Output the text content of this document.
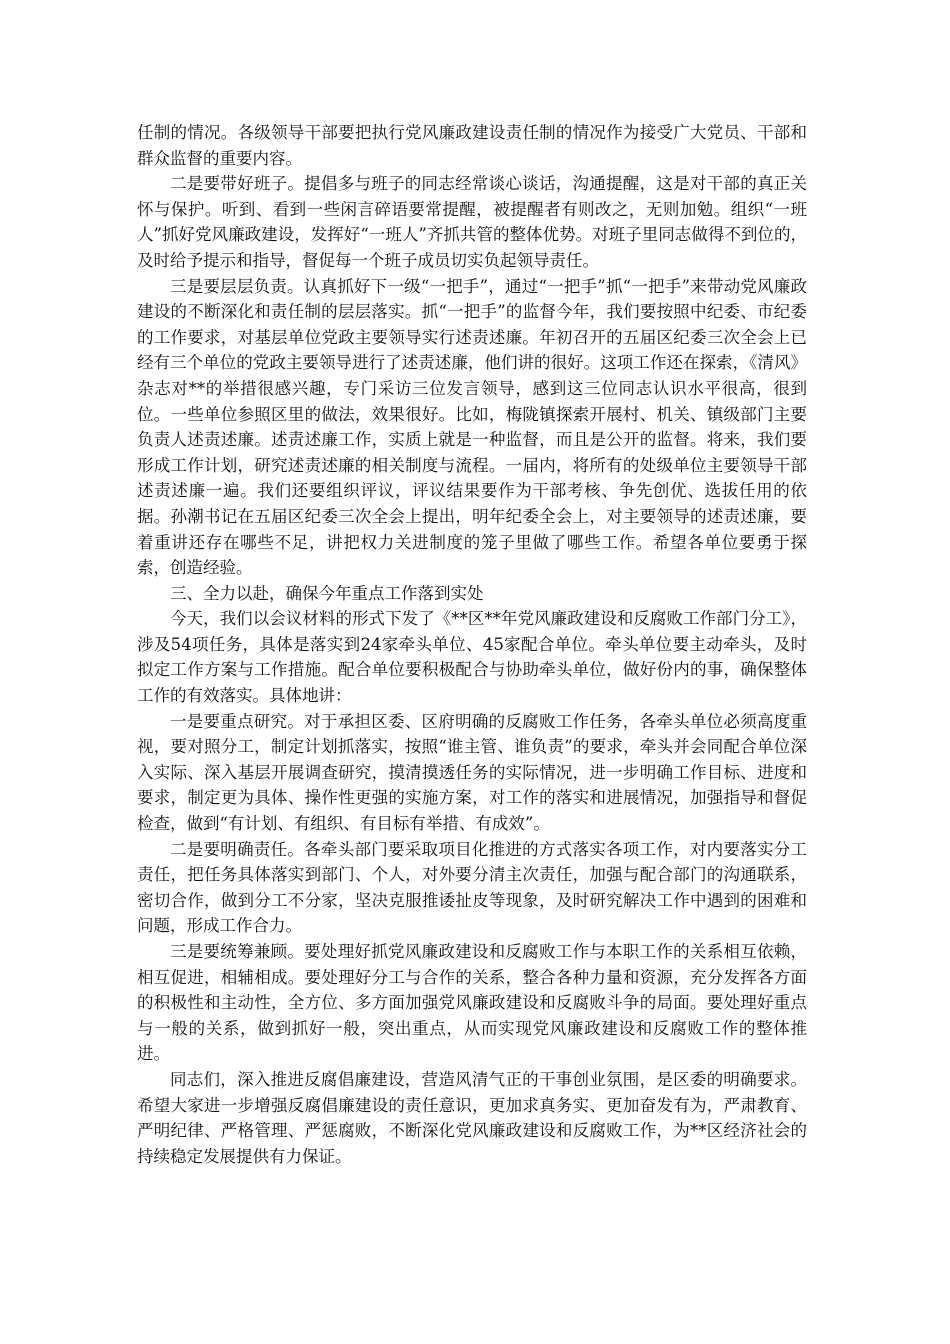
任制的情况。各级领导干部要把执行党风廉政建设责任制的情况作为接受广大党员、干部和群众监督的重要内容。

二是要带好班子。提倡多与班子的同志经常谈心谈话，沟通提醒，这是对干部的真正关怀与保护。听到、看到一些闲言碎语要常提醒，被提醒者有则改之，无则加勉。组织“一班人”抓好党风廉政建设，发挥好“一班人”齐抓共管的整体优势。对班子里同志做得不到位的，及时给予提示和指导，督促每一个班子成员切实负起领导责任。

三是要层层负责。认真抓好下一级“一把手”，通过“一把手”抓“一把手”来带动党风廉政建设的不断深化和责任制的层层落实。抓“一把手”的监督今年，我们要按照中纪委、市纪委的工作要求，对基层单位党政主要领导实行述责述廉。年初召开的五届区纪委三次全会上已经有三个单位的党政主要领导进行了述责述廉，他们讲的很好。这项工作还在探索，《清风》杂志对**的举措很感兴趣，专门采访三位发言领导，感到这三位同志认识水平很高，很到位。一些单位参照区里的做法，效果很好。比如，梅陇镇探索开展村、机关、镇级部门主要负责人述责述廉。述责述廉工作，实质上就是一种监督，而且是公开的监督。将来，我们要形成工作计划，研究述责述廉的相关制度与流程。一届内，将所有的处级单位主要领导干部述责述廉一遍。我们还要组织评议，评议结果要作为干部考核、争先创优、选拔任用的依据。孙潮书记在五届区纪委三次全会上提出，明年纪委全会上，对主要领导的述责述廉，要着重讲还存在哪些不足，讲把权力关进制度的笼子里做了哪些工作。希望各单位要勇于探索，创造经验。

三、全力以赴，确保今年重点工作落到实处

今天，我们以会议材料的形式下发了《**区**年党风廉政建设和反腐败工作部门分工》，涉及54项任务，具体是落实到24家牵头单位、45家配合单位。牵头单位要主动牵头，及时拟定工作方案与工作措施。配合单位要积极配合与协助牵头单位，做好份内的事，确保整体工作的有效落实。具体地讲：

一是要重点研究。对于承担区委、区府明确的反腐败工作任务，各牵头单位必须高度重视，要对照分工，制定计划抓落实，按照“谁主管、谁负责”的要求，牵头并会同配合单位深入实际、深入基层开展调查研究，摸清摸透任务的实际情况，进一步明确工作目标、进度和要求，制定更为具体、操作性更强的实施方案，对工作的落实和进展情况，加强指导和督促检查，做到“有计划、有组织、有目标有举措、有成效”。

二是要明确责任。各牵头部门要采取项目化推进的方式落实各项工作，对内要落实分工责任，把任务具体落实到部门、个人，对外要分清主次责任，加强与配合部门的沟通联系，密切合作，做到分工不分家，坚决克服推诿扯皮等现象，及时研究解决工作中遇到的困难和问题，形成工作合力。

三是要统筹兼顾。要处理好抓党风廉政建设和反腐败工作与本职工作的关系相互依赖，相互促进，相辅相成。要处理好分工与合作的关系，整合各种力量和资源，充分发挥各方面的积极性和主动性，全方位、多方面加强党风廉政建设和反腐败斗争的局面。要处理好重点与一般的关系，做到抓好一般，突出重点，从而实现党风廉政建设和反腐败工作的整体推进。

同志们，深入推进反腐倡廉建设，营造风清气正的干事创业氛围，是区委的明确要求。希望大家进一步增强反腐倡廉建设的责任意识，更加求真务实、更加奋发有为，严肃教育、严明纪律、严格管理、严惩腐败，不断深化党风廉政建设和反腐败工作，为**区经济社会的持续稳定发展提供有力保证。
